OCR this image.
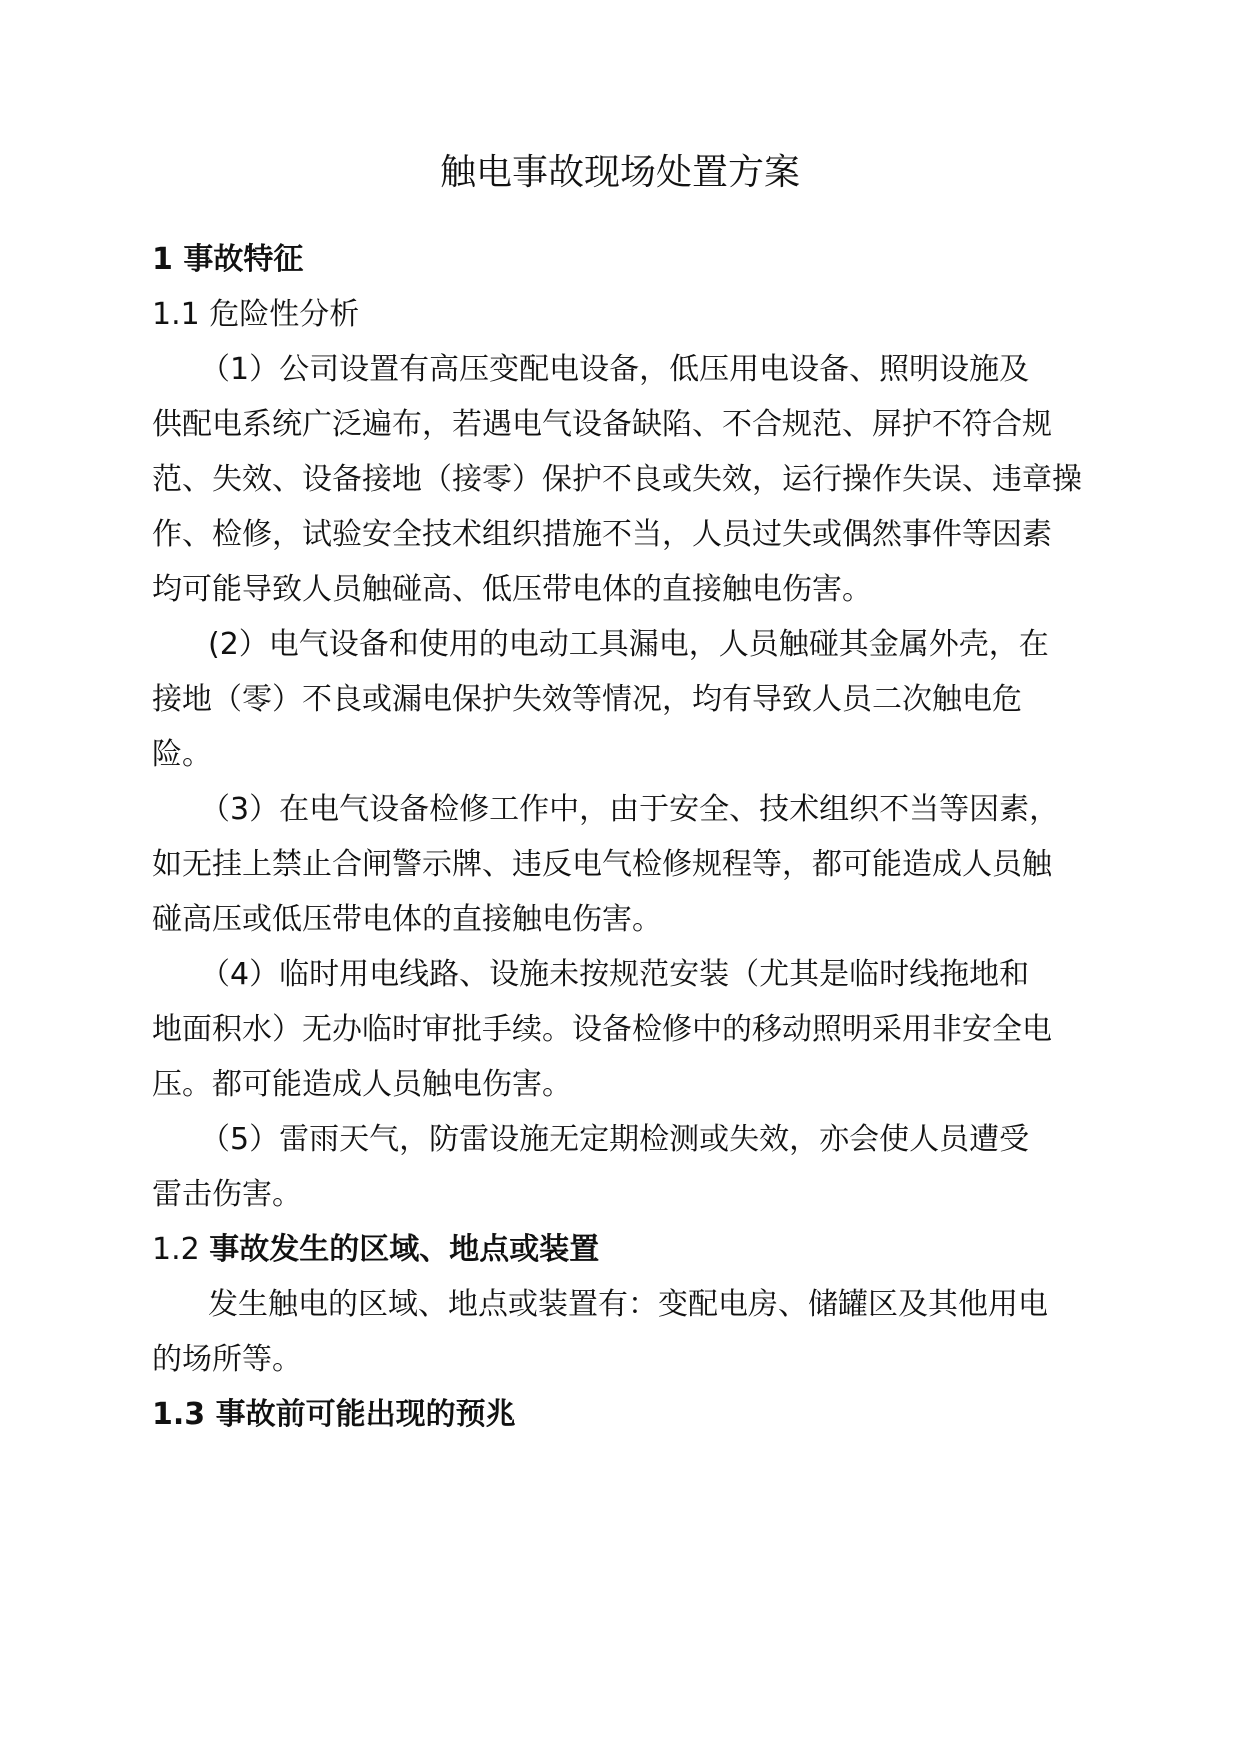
触电事故现场处置方案
1 事故特征
1.1 危险性分析
（1）公司设置有高压变配电设备，低压用电设备、照明设施及
供配电系统广泛遍布，若遇电气设备缺陷、不合规范、屏护不符合规
范、失效、设备接地（接零）保护不良或失效，运行操作失误、违章操
作、检修，试验安全技术组织措施不当，人员过失或偶然事件等因素
均可能导致人员触碰高、低压带电体的直接触电伤害。
(2）电气设备和使用的电动工具漏电，人员触碰其金属外壳，在
接地（零）不良或漏电保护失效等情况，均有导致人员二次触电危
险。
（3）在电气设备检修工作中，由于安全、技术组织不当等因素，
如无挂上禁止合闸警示牌、违反电气检修规程等，都可能造成人员触
碰高压或低压带电体的直接触电伤害。
（4）临时用电线路、设施未按规范安装（尤其是临时线拖地和
地面积水）无办临时审批手续。设备检修中的移动照明采用非安全电
压。都可能造成人员触电伤害。
（5）雷雨天气，防雷设施无定期检测或失效，亦会使人员遭受
雷击伤害。
1.2 事故发生的区域、地点或装置
发生触电的区域、地点或装置有：变配电房、储罐区及其他用电
的场所等。
1.3 事故前可能出现的预兆
